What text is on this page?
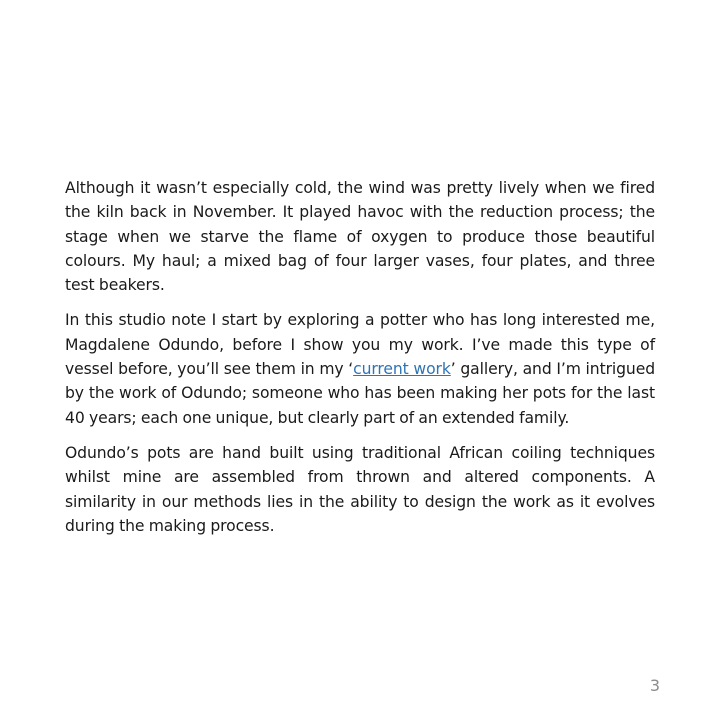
Although it wasn’t especially cold, the wind was pretty lively when we fired the kiln back in November. It played havoc with the reduction process; the stage when we starve the flame of oxygen to produce those beautiful colours. My haul; a mixed bag of four larger vases, four plates, and three test beakers.

In this studio note I start by exploring a potter who has long interested me, Magdalene Odundo, before I show you my work. I’ve made this type of vessel before, you’ll see them in my ‘current work’ gallery, and I’m intrigued by the work of Odundo; someone who has been making her pots for the last 40 years; each one unique, but clearly part of an extended family.

Odundo’s pots are hand built using traditional African coiling techniques whilst mine are assembled from thrown and altered components. A similarity in our methods lies in the ability to design the work as it evolves during the making process.

3
